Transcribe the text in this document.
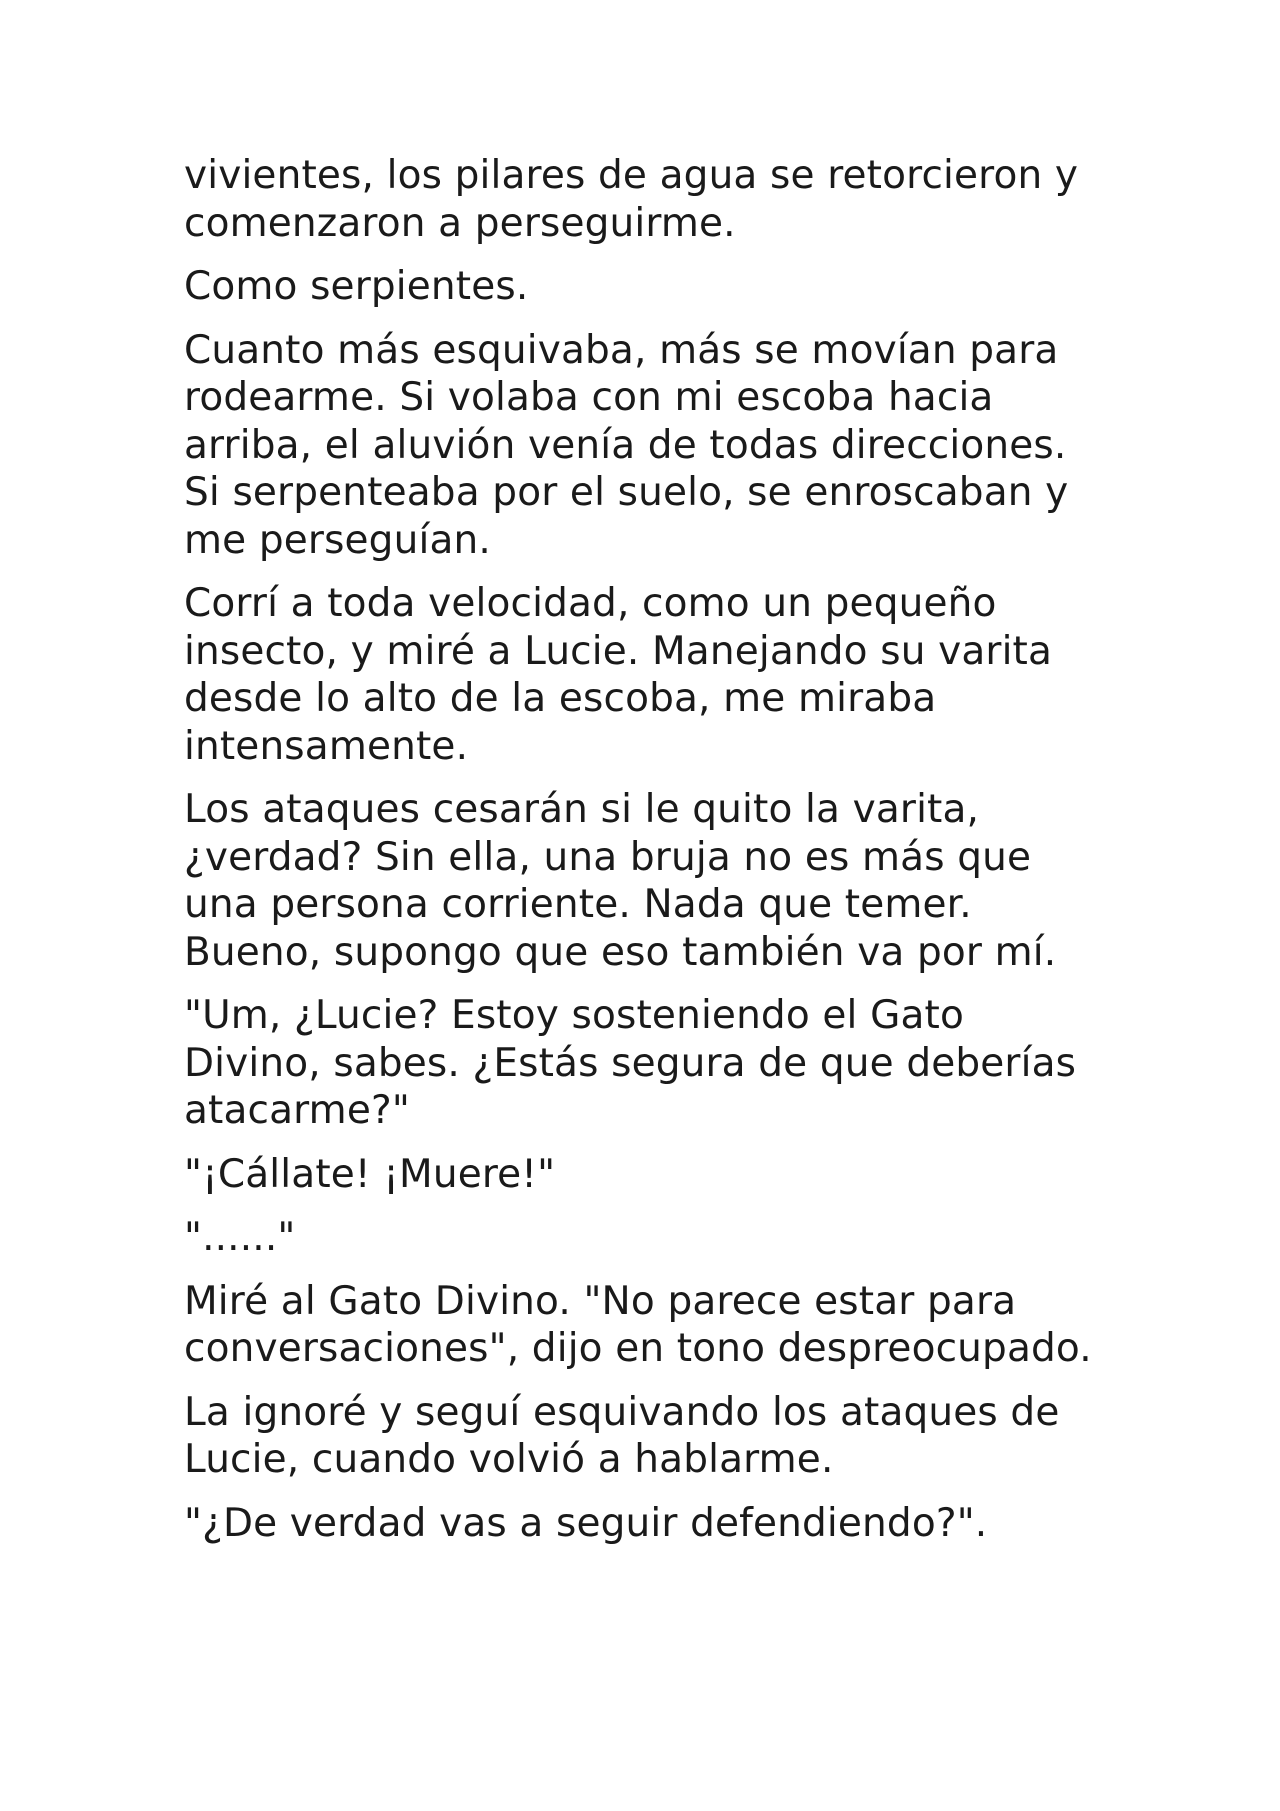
vivientes, los pilares de agua se retorcieron y
comenzaron a perseguirme.

Como serpientes.

Cuanto más esquivaba, más se movían para
rodearme. Si volaba con mi escoba hacia
arriba, el aluvión venía de todas direcciones.
Si serpenteaba por el suelo, se enroscaban y
me perseguían.

Corrí a toda velocidad, como un pequeño
insecto, y miré a Lucie. Manejando su varita
desde lo alto de la escoba, me miraba
intensamente.

Los ataques cesarán si le quito la varita,
¿verdad? Sin ella, una bruja no es más que
una persona corriente. Nada que temer.
Bueno, supongo que eso también va por mí.

"Um, ¿Lucie? Estoy sosteniendo el Gato
Divino, sabes. ¿Estás segura de que deberías
atacarme?"

"¡Cállate! ¡Muere!"

"......"

Miré al Gato Divino. "No parece estar para
conversaciones", dijo en tono despreocupado.

La ignoré y seguí esquivando los ataques de
Lucie, cuando volvió a hablarme.

"¿De verdad vas a seguir defendiendo?".
